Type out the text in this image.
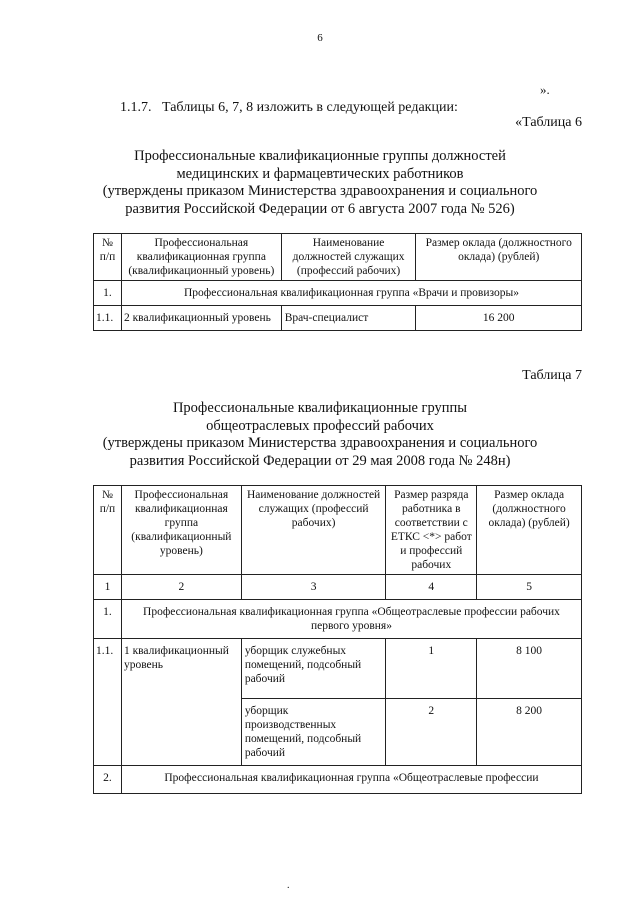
6
».
1.1.7.   Таблицы 6, 7, 8 изложить в следующей редакции:
«Таблица 6
Профессиональные квалификационные группы должностей
медицинских и фармацевтических работников
(утверждены приказом Министерства здравоохранения и социального
развития Российской Федерации от 6 августа 2007 года № 526)
№ п/п	Профессиональная квалификационная группа (квалификационный уровень)	Наименование должностей служащих (профессий рабочих)	Размер оклада (должностного оклада) (рублей)
1.	Профессиональная квалификационная группа «Врачи и провизоры»		
1.1.	2 квалификационный уровень	Врач-специалист	16 200
Таблица 7
Профессиональные квалификационные группы
общеотраслевых профессий рабочих
(утверждены приказом Министерства здравоохранения и социального
развития Российской Федерации от 29 мая 2008 года № 248н)
№ п/п	Профессиональная квалификационная группа (квалификационный уровень)	Наименование должностей служащих (профессий рабочих)	Размер разряда работника в соответствии с ЕТКС <*> работ и профессий рабочих	Размер оклада (должностного оклада) (рублей)
1	2	3	4	5
1.	Профессиональная квалификационная группа «Общеотраслевые профессии рабочих первого уровня»			
1.1.	1 квалификационный уровень	уборщик служебных помещений, подсобный рабочий	1	8 100
		уборщик производственных помещений, подсобный рабочий	2	8 200
2.	Профессиональная квалификационная группа «Общеотраслевые профессии			
.
